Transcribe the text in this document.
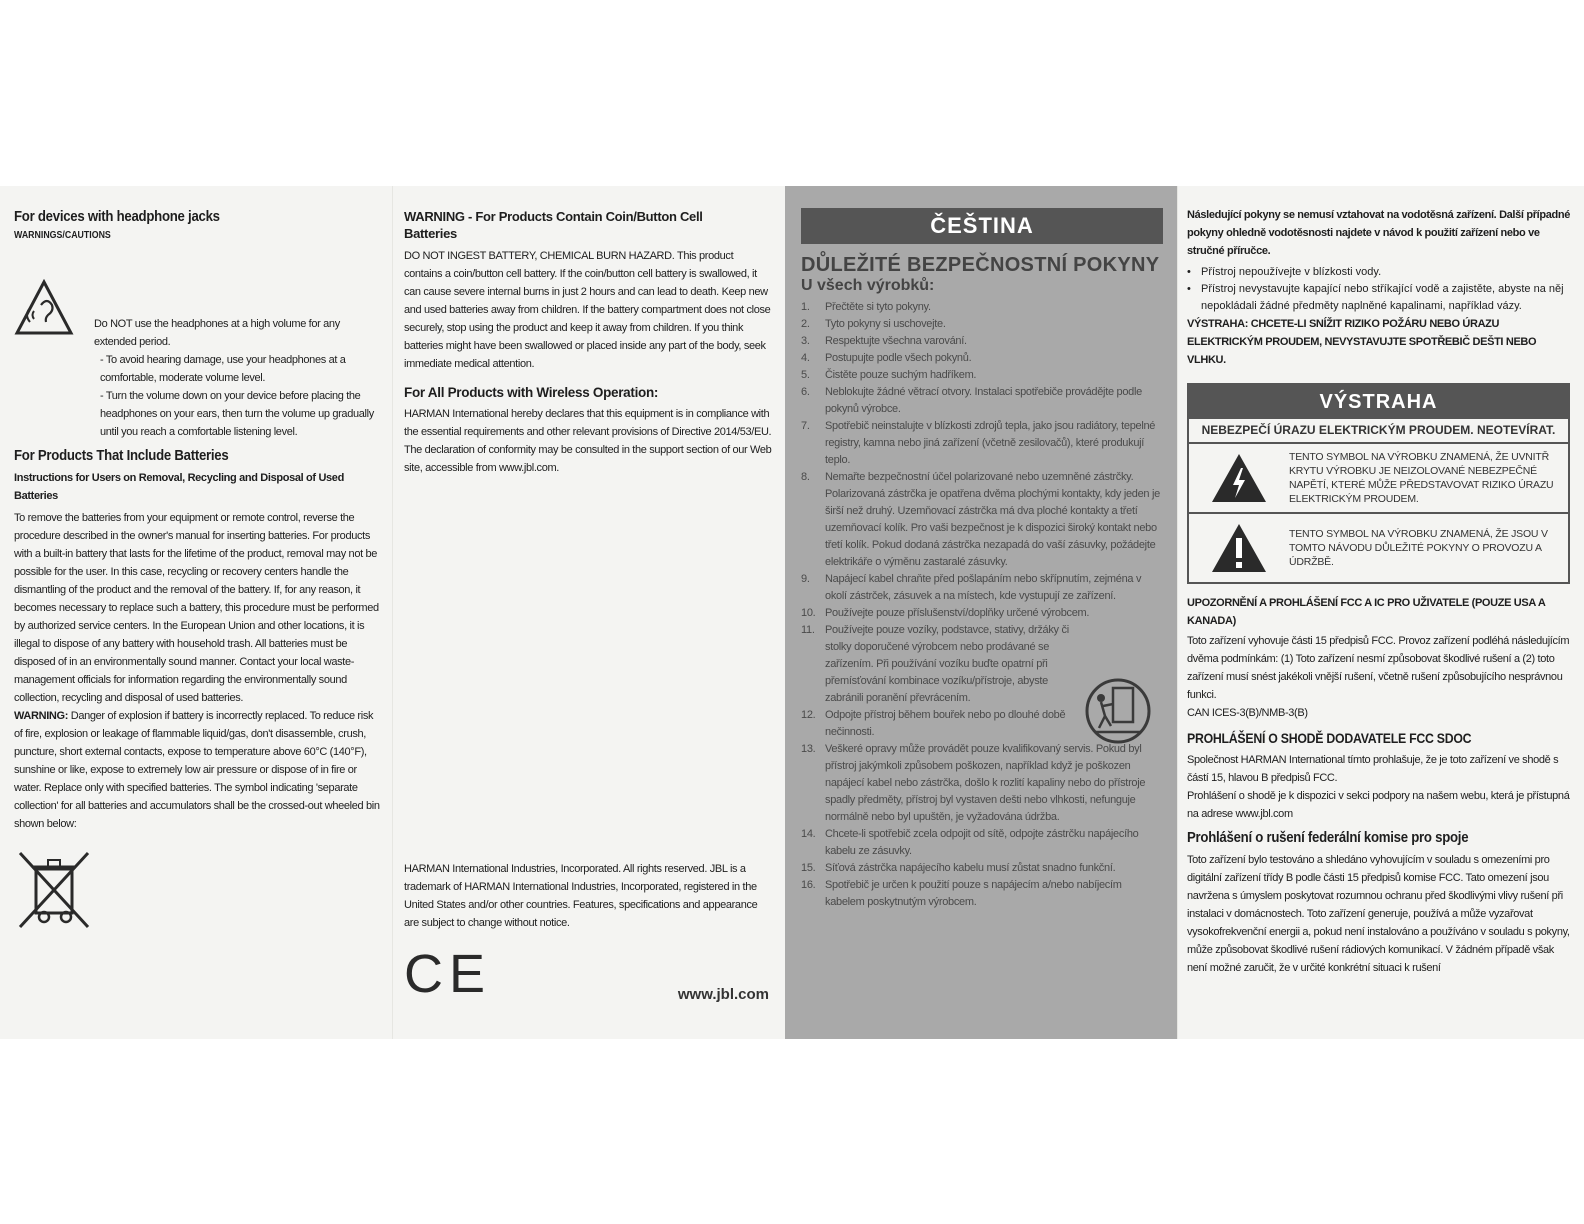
For devices with headphone jacks
WARNINGS/CAUTIONS

Do NOT use the headphones at a high volume for any extended period.

- To avoid hearing damage, use your headphones at a comfortable, moderate volume level.

- Turn the volume down on your device before placing the headphones on your ears, then turn the volume up gradually until you reach a comfortable listening level.

For Products That Include Batteries

Instructions for Users on Removal, Recycling and Disposal of Used Batteries

To remove the batteries from your equipment or remote control, reverse the procedure described in the owner's manual for inserting batteries. For products with a built-in battery that lasts for the lifetime of the product, removal may not be possible for the user. In this case, recycling or recovery centers handle the dismantling of the product and the removal of the battery. If, for any reason, it becomes necessary to replace such a battery, this procedure must be performed by authorized service centers. In the European Union and other locations, it is illegal to dispose of any battery with household trash. All batteries must be disposed of in an environmentally sound manner. Contact your local waste-management officials for information regarding the environmentally sound collection, recycling and disposal of used batteries.

WARNING: Danger of explosion if battery is incorrectly replaced. To reduce risk of fire, explosion or leakage of flammable liquid/gas, don't disassemble, crush, puncture, short external contacts, expose to temperature above 60°C (140°F), sunshine or like, expose to extremely low air pressure or dispose of in fire or water. Replace only with specified batteries. The symbol indicating 'separate collection' for all batteries and accumulators shall be the crossed-out wheeled bin shown below:

WARNING - For Products Contain Coin/Button Cell Batteries

DO NOT INGEST BATTERY, CHEMICAL BURN HAZARD. This product contains a coin/button cell battery. If the coin/button cell battery is swallowed, it can cause severe internal burns in just 2 hours and can lead to death. Keep new and used batteries away from children. If the battery compartment does not close securely, stop using the product and keep it away from children. If you think batteries might have been swallowed or placed inside any part of the body, seek immediate medical attention.

For All Products with Wireless Operation:

HARMAN International hereby declares that this equipment is in compliance with the essential requirements and other relevant provisions of Directive 2014/53/EU. The declaration of conformity may be consulted in the support section of our Web site, accessible from www.jbl.com.

HARMAN International Industries, Incorporated. All rights reserved. JBL is a trademark of HARMAN International Industries, Incorporated, registered in the United States and/or other countries. Features, specifications and appearance are subject to change without notice.

CE	www.jbl.com
ČEŠTINA
DŮLEŽITÉ BEZPEČNOSTNÍ POKYNY
U všech výrobků:
1.	Přečtěte si tyto pokyny.
2.	Tyto pokyny si uschovejte.
3.	Respektujte všechna varování.
4.	Postupujte podle všech pokynů.
5.	Čistěte pouze suchým hadříkem.
6.	Neblokujte žádné větrací otvory. Instalaci spotřebiče provádějte podle pokynů výrobce.
7.	Spotřebič neinstalujte v blízkosti zdrojů tepla, jako jsou radiátory, tepelné registry, kamna nebo jiná zařízení (včetně zesilovačů), které produkují teplo.
8.	Nemařte bezpečnostní účel polarizované nebo uzemněné zástrčky. Polarizovaná zástrčka je opatřena dvěma plochými kontakty, kdy jeden je širší než druhý. Uzemňovací zástrčka má dva ploché kontakty a třetí uzemňovací kolík. Pro vaši bezpečnost je k dispozici široký kontakt nebo třetí kolík. Pokud dodaná zástrčka nezapadá do vaší zásuvky, požádejte elektrikáře o výměnu zastaralé zásuvky.
9.	Napájecí kabel chraňte před pošlapáním nebo skřípnutím, zejména v okolí zástrček, zásuvek a na místech, kde vystupují ze zařízení.
10. Používejte pouze příslušenství/doplňky určené výrobcem.
11. Používejte pouze vozíky, podstavce, stativy, držáky či stolky doporučené výrobcem nebo prodávané se zařízením. Při používání vozíku buďte opatrní při přemísťování kombinace vozíku/přístroje, abyste zabránili poranění převrácením.
12. Odpojte přístroj během bouřek nebo po dlouhé době nečinnosti.
13. Veškeré opravy může provádět pouze kvalifikovaný servis. Pokud byl přístroj jakýmkoli způsobem poškozen, například když je poškozen napájecí kabel nebo zástrčka, došlo k rozlití kapaliny nebo do přístroje spadly předměty, přístroj byl vystaven dešti nebo vlhkosti, nefunguje normálně nebo byl upuštěn, je vyžadována údržba.
14. Chcete-li spotřebič zcela odpojit od sítě, odpojte zástrčku napájecího kabelu ze zásuvky.
15. Síťová zástrčka napájecího kabelu musí zůstat snadno funkční.
16. Spotřebič je určen k použití pouze s napájecím a/nebo nabíjecím kabelem poskytnutým výrobcem.

Následující pokyny se nemusí vztahovat na vodotěsná zařízení. Další případné pokyny ohledně vodotěsnosti najdete v návod k použití zařízení nebo ve stručné příručce.

• Přístroj nepoužívejte v blízkosti vody.
• Přístroj nevystavujte kapající nebo stříkající vodě a zajistěte, abyste na něj nepokládali žádné předměty naplněné kapalinami, například vázy.

VÝSTRAHA: CHCETE-LI SNÍŽIT RIZIKO POŽÁRU NEBO ÚRAZU ELEKTRICKÝM PROUDEM, NEVYSTAVUJTE SPOTŘEBIČ DEŠTI NEBO VLHKU.

VÝSTRAHA
NEBEZPEČÍ ÚRAZU ELEKTRICKÝM PROUDEM. NEOTEVÍRAT.
TENTO SYMBOL NA VÝROBKU ZNAMENÁ, ŽE UVNITŘ KRYTU VÝROBKU JE NEIZOLOVANÉ NEBEZPEČNÉ NAPĚTÍ, KTERÉ MŮŽE PŘEDSTAVOVAT RIZIKO ÚRAZU ELEKTRICKÝM PROUDEM.
TENTO SYMBOL NA VÝROBKU ZNAMENÁ, ŽE JSOU V TOMTO NÁVODU DŮLEŽITÉ POKYNY O PROVOZU A ÚDRŽBĚ.

UPOZORNĚNÍ A PROHLÁŠENÍ FCC A IC PRO UŽIVATELE (POUZE USA A KANADA)

Toto zařízení vyhovuje části 15 předpisů FCC. Provoz zařízení podléhá následujícím dvěma podmínkám: (1) Toto zařízení nesmí způsobovat škodlivé rušení a (2) toto zařízení musí snést jakékoli vnější rušení, včetně rušení způsobujícího nesprávnou funkci.

CAN ICES-3(B)/NMB-3(B)

PROHLÁŠENÍ O SHODĚ DODAVATELE FCC SDOC

Společnost HARMAN International tímto prohlašuje, že je toto zařízení ve shodě s částí 15, hlavou B předpisů FCC.

Prohlášení o shodě je k dispozici v sekci podpory na našem webu, která je přístupná na adrese www.jbl.com

Prohlášení o rušení federální komise pro spoje

Toto zařízení bylo testováno a shledáno vyhovujícím v souladu s omezeními pro digitální zařízení třídy B podle části 15 předpisů komise FCC. Tato omezení jsou navržena s úmyslem poskytovat rozumnou ochranu před škodlivými vlivy rušení při instalaci v domácnostech. Toto zařízení generuje, používá a může vyzařovat vysokofrekvenční energii a, pokud není instalováno a používáno v souladu s pokyny, může způsobovat škodlivé rušení rádiových komunikací. V žádném případě však není možné zaručit, že v určité konkrétní situaci k rušení
